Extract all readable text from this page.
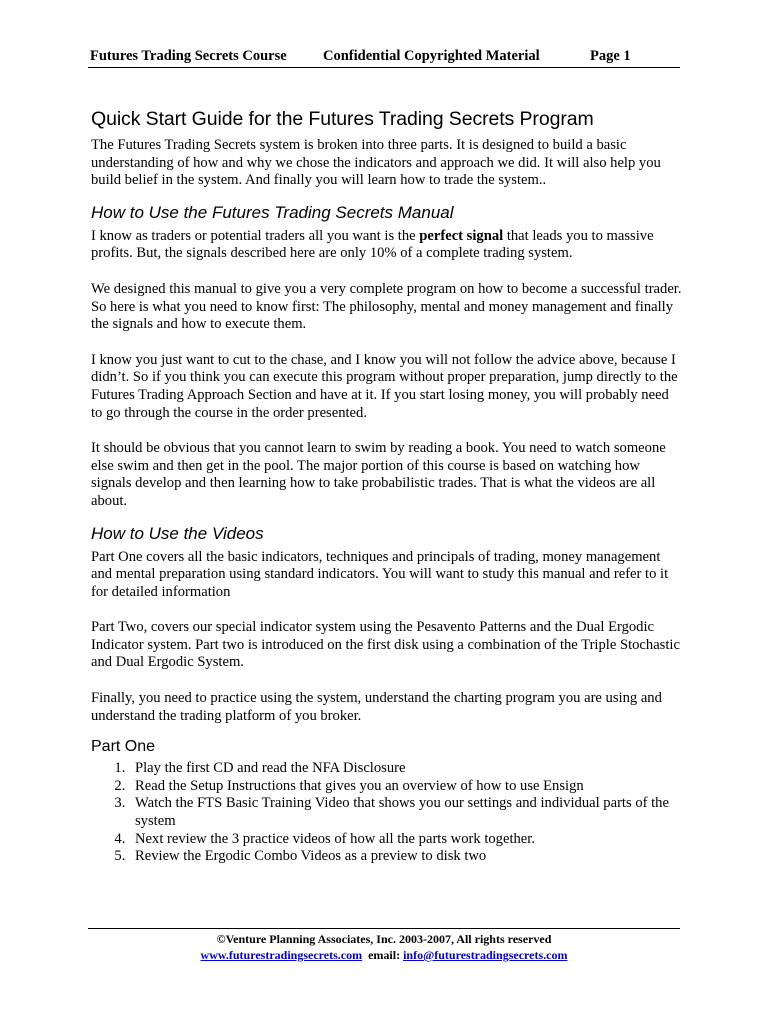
Futures Trading Secrets Course	Confidential Copyrighted Material	Page 1
Quick Start Guide for the Futures Trading Secrets Program

The Futures Trading Secrets system is broken into three parts. It is designed to build a basic understanding of how and why we chose the indicators and approach we did. It will also help you build belief in the system. And finally you will learn how to trade the system..

How to Use the Futures Trading Secrets Manual

I know as traders or potential traders all you want is the perfect signal that leads you to massive profits. But, the signals described here are only 10% of a complete trading system.

We designed this manual to give you a very complete program on how to become a successful trader. So here is what you need to know first: The philosophy, mental and money management and finally the signals and how to execute them.

I know you just want to cut to the chase, and I know you will not follow the advice above, because I didn’t. So if you think you can execute this program without proper preparation, jump directly to the Futures Trading Approach Section and have at it. If you start losing money, you will probably need to go through the course in the order presented.

It should be obvious that you cannot learn to swim by reading a book. You need to watch someone else swim and then get in the pool. The major portion of this course is based on watching how signals develop and then learning how to take probabilistic trades. That is what the videos are all about.

How to Use the Videos

Part One covers all the basic indicators, techniques and principals of trading, money management and mental preparation using standard indicators. You will want to study this manual and refer to it for detailed information

Part Two, covers our special indicator system using the Pesavento Patterns and the Dual Ergodic Indicator system. Part two is introduced on the first disk using a combination of the Triple Stochastic and Dual Ergodic System.

Finally, you need to practice using the system, understand the charting program you are using and understand the trading platform of you broker.

Part One
1. Play the first CD and read the NFA Disclosure
2. Read the Setup Instructions that gives you an overview of how to use Ensign
3. Watch the FTS Basic Training Video that shows you our settings and individual parts of the system
4. Next review the 3 practice videos of how all the parts work together.
5. Review the Ergodic Combo Videos as a preview to disk two
©Venture Planning Associates, Inc. 2003-2007, All rights reserved
www.futurestradingsecrets.com  email: info@futurestradingsecrets.com
